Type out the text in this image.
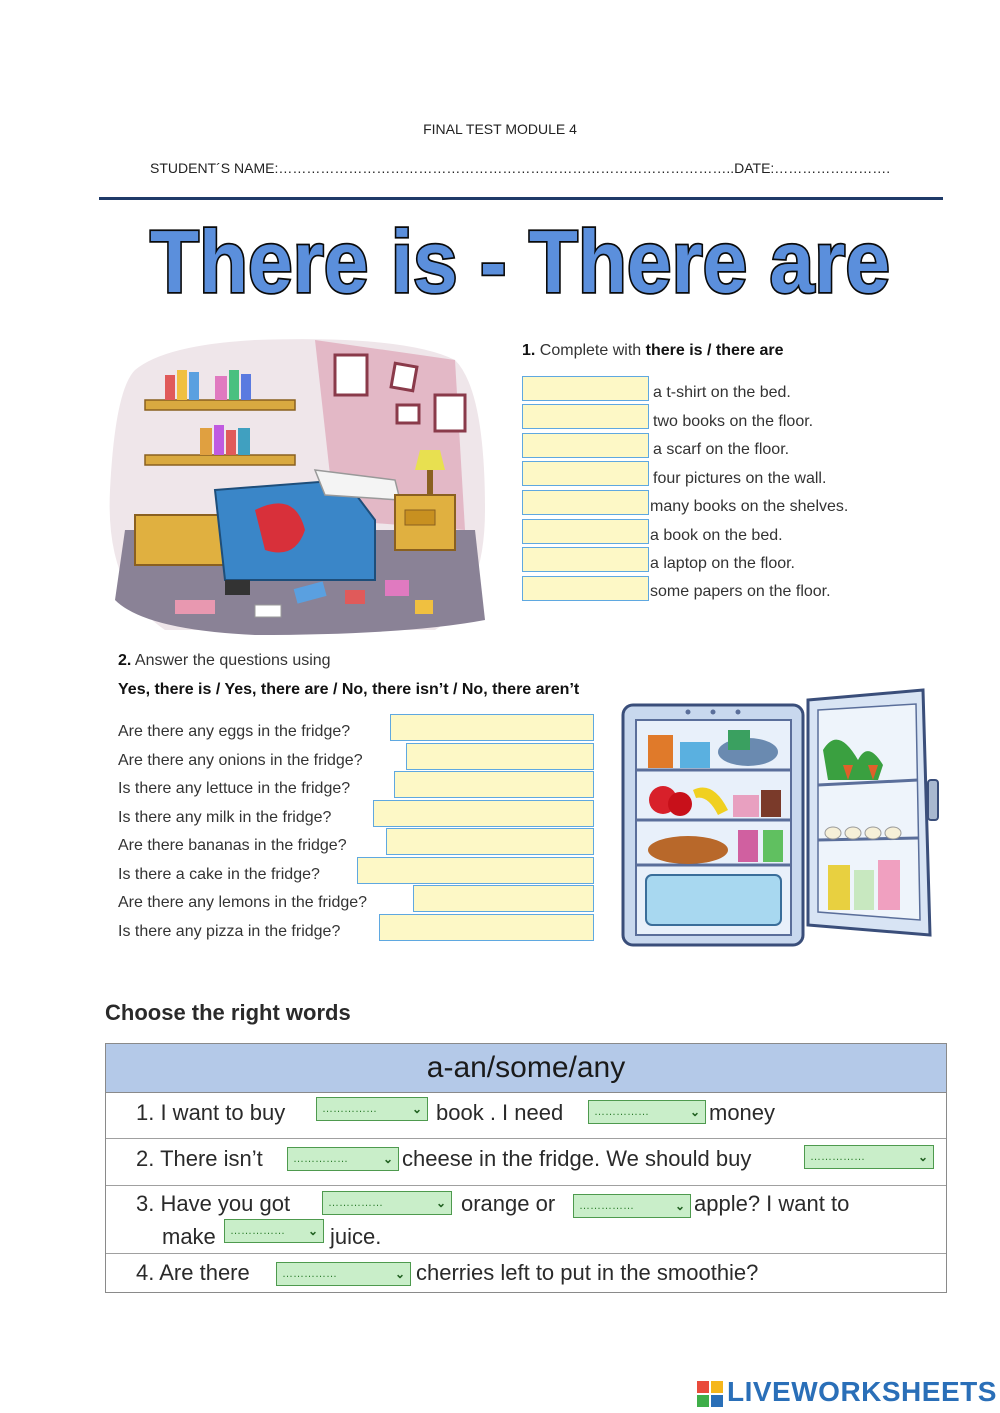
FINAL TEST MODULE 4
STUDENT´S NAME:……………………………………………………………………………………..DATE:…………………….
There is - There are
1. Complete with there is / there are
a t-shirt on the bed.
two books on the floor.
a scarf on the floor.
four pictures on the wall.
many books on the shelves.
a book on the bed.
a laptop on the floor.
some papers on the floor.
2. Answer the questions using
Yes, there is / Yes, there are / No, there isn’t / No, there aren’t
Are there any eggs in the fridge?
Are there any onions in the fridge?
Is there any lettuce in the fridge?
Is there any milk in the fridge?
Are there bananas in the fridge?
Is there a cake in the fridge?
Are there any lemons in the fridge?
Is there any pizza in the fridge?
Choose the right words
a-an/some/any
1. I want to buy	……………	⌄ book . I need	……………	⌄ money
2. There isn’t	……………	⌄ cheese in the fridge. We should buy	……………	⌄
3. Have you got	……………	⌄ orange or	……………	⌄ apple? I want to
make	…………… ⌄ juice.
4. Are there	……………	⌄ cherries left to put in the smoothie?
LIVEWORKSHEETS
